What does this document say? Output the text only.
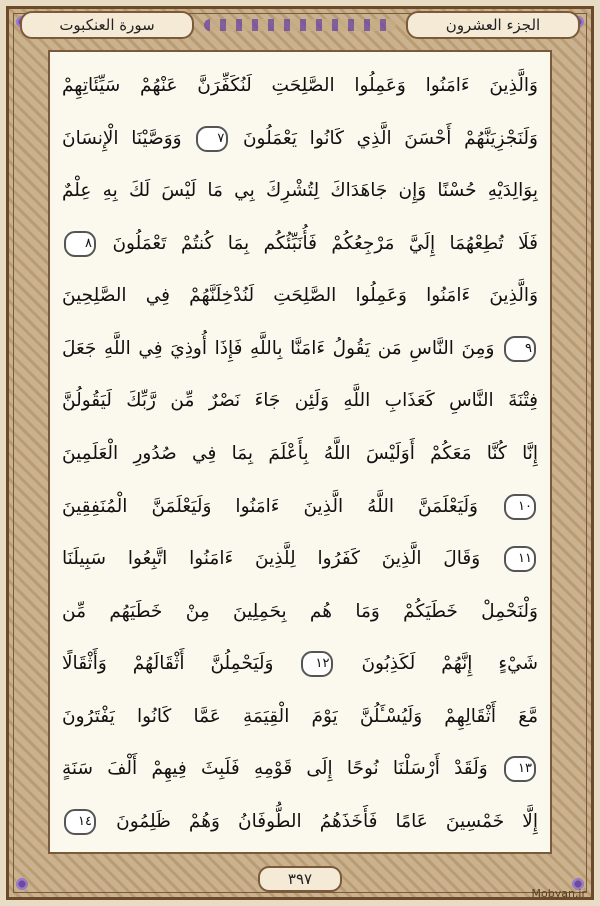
سورة العنكبوت	الجزء العشرون
وَالَّذِينَ ءَامَنُوا وَعَمِلُوا الصَّلِحَتِ لَنُكَفِّرَنَّ عَنْهُمْ سَيِّئَاتِهِمْ
وَلَنَجْزِيَنَّهُمْ أَحْسَنَ الَّذِي كَانُوا يَعْمَلُونَ ٧ وَوَصَّيْنَا الْإِنسَانَ
بِوَالِدَيْهِ حُسْنًا وَإِن جَاهَدَاكَ لِتُشْرِكَ بِي مَا لَيْسَ لَكَ بِهِ عِلْمٌ
فَلَا تُطِعْهُمَا إِلَيَّ مَرْجِعُكُمْ فَأُنَبِّئُكُم بِمَا كُنتُمْ تَعْمَلُونَ ٨
وَالَّذِينَ ءَامَنُوا وَعَمِلُوا الصَّلِحَتِ لَنُدْخِلَنَّهُمْ فِي الصَّلِحِينَ
٩ وَمِنَ النَّاسِ مَن يَقُولُ ءَامَنَّا بِاللَّهِ فَإِذَا أُوذِيَ فِي اللَّهِ جَعَلَ
فِتْنَةَ النَّاسِ كَعَذَابِ اللَّهِ وَلَئِن جَاءَ نَصْرٌ مِّن رَّبِّكَ لَيَقُولُنَّ
إِنَّا كُنَّا مَعَكُمْ أَوَلَيْسَ اللَّهُ بِأَعْلَمَ بِمَا فِي صُدُورِ الْعَلَمِينَ
١٠ وَلَيَعْلَمَنَّ اللَّهُ الَّذِينَ ءَامَنُوا وَلَيَعْلَمَنَّ الْمُنَفِقِينَ
١١ وَقَالَ الَّذِينَ كَفَرُوا لِلَّذِينَ ءَامَنُوا اتَّبِعُوا سَبِيلَنَا
وَلْنَحْمِلْ خَطَيَكُمْ وَمَا هُم بِحَمِلِينَ مِنْ خَطَيَهُم مِّن
شَيْءٍ إِنَّهُمْ لَكَذِبُونَ ١٢ وَلَيَحْمِلُنَّ أَثْقَالَهُمْ وَأَثْقَالًا
مَّعَ أَثْقَالِهِمْ وَلَيُسْـَٔلُنَّ يَوْمَ الْقِيَمَةِ عَمَّا كَانُوا يَفْتَرُونَ
١٣ وَلَقَدْ أَرْسَلْنَا نُوحًا إِلَى قَوْمِهِ فَلَبِثَ فِيهِمْ أَلْفَ سَنَةٍ
إِلَّا خَمْسِينَ عَامًا فَأَخَذَهُمُ الطُّوفَانُ وَهُمْ ظَلِمُونَ ١٤
٣٩٧
Mobyan.ir
